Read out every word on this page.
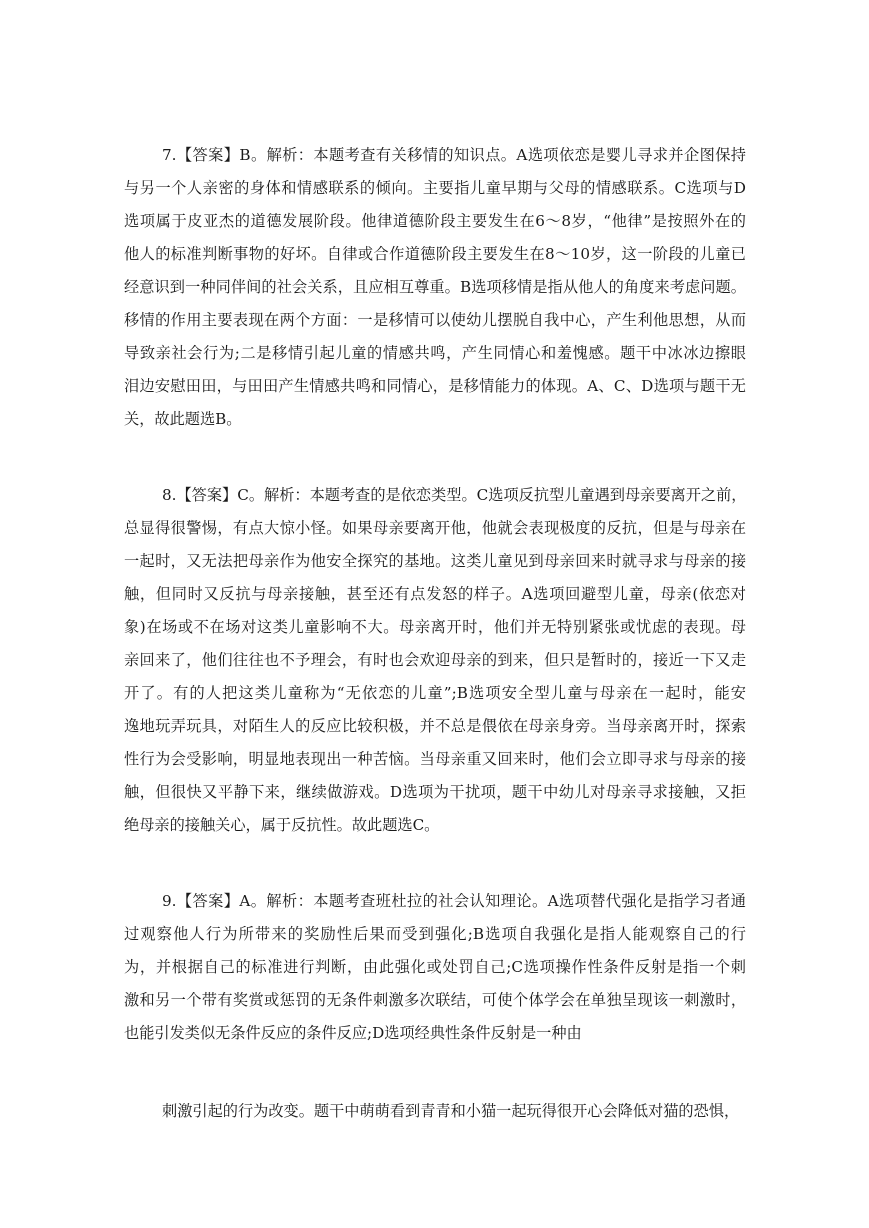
7.【答案】B。解析：本题考查有关移情的知识点。A选项依恋是婴儿寻求并企图保持
与另一个人亲密的身体和情感联系的倾向。主要指儿童早期与父母的情感联系。C选项与D
选项属于皮亚杰的道德发展阶段。他律道德阶段主要发生在6～8岁，“他律”是按照外在的
他人的标准判断事物的好坏。自律或合作道德阶段主要发生在8～10岁，这一阶段的儿童已
经意识到一种同伴间的社会关系，且应相互尊重。B选项移情是指从他人的角度来考虑问题。
移情的作用主要表现在两个方面：一是移情可以使幼儿摆脱自我中心，产生利他思想，从而
导致亲社会行为;二是移情引起儿童的情感共鸣，产生同情心和羞愧感。题干中冰冰边擦眼
泪边安慰田田，与田田产生情感共鸣和同情心，是移情能力的体现。A、C、D选项与题干无
关，故此题选B。
8.【答案】C。解析：本题考查的是依恋类型。C选项反抗型儿童遇到母亲要离开之前，
总显得很警惕，有点大惊小怪。如果母亲要离开他，他就会表现极度的反抗，但是与母亲在
一起时，又无法把母亲作为他安全探究的基地。这类儿童见到母亲回来时就寻求与母亲的接
触，但同时又反抗与母亲接触，甚至还有点发怒的样子。A选项回避型儿童，母亲(依恋对
象)在场或不在场对这类儿童影响不大。母亲离开时，他们并无特别紧张或忧虑的表现。母
亲回来了，他们往往也不予理会，有时也会欢迎母亲的到来，但只是暂时的，接近一下又走
开了。有的人把这类儿童称为“无依恋的儿童”;B选项安全型儿童与母亲在一起时，能安
逸地玩弄玩具，对陌生人的反应比较积极，并不总是偎依在母亲身旁。当母亲离开时，探索
性行为会受影响，明显地表现出一种苦恼。当母亲重又回来时，他们会立即寻求与母亲的接
触，但很快又平静下来，继续做游戏。D选项为干扰项，题干中幼儿对母亲寻求接触，又拒
绝母亲的接触关心，属于反抗性。故此题选C。
9.【答案】A。解析：本题考查班杜拉的社会认知理论。A选项替代强化是指学习者通
过观察他人行为所带来的奖励性后果而受到强化;B选项自我强化是指人能观察自己的行
为，并根据自己的标准进行判断，由此强化或处罚自己;C选项操作性条件反射是指一个刺
激和另一个带有奖赏或惩罚的无条件刺激多次联结，可使个体学会在单独呈现该一刺激时，
也能引发类似无条件反应的条件反应;D选项经典性条件反射是一种由
刺激引起的行为改变。题干中萌萌看到青青和小猫一起玩得很开心会降低对猫的恐惧，
